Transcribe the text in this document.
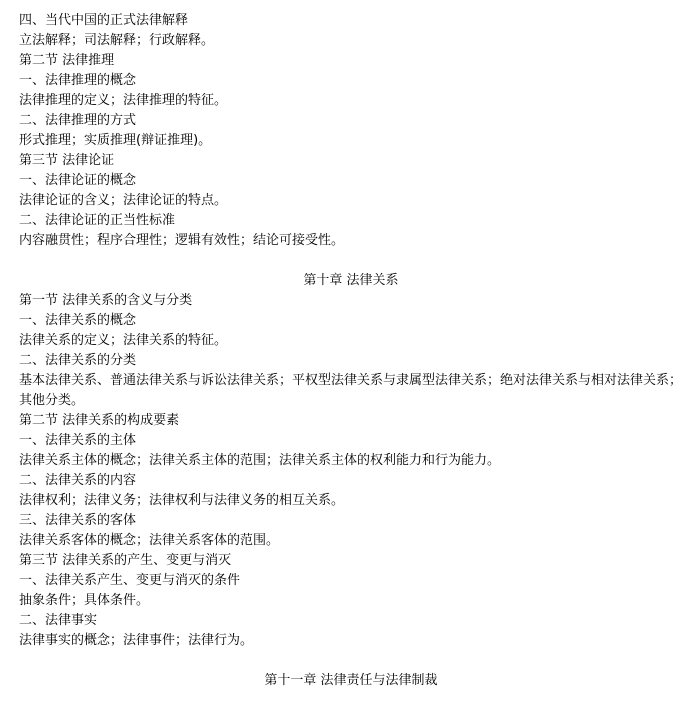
四、当代中国的正式法律解释
立法解释；司法解释；行政解释。
第二节 法律推理
一、法律推理的概念
法律推理的定义；法律推理的特征。
二、法律推理的方式
形式推理；实质推理(辩证推理)。
第三节 法律论证
一、法律论证的概念
法律论证的含义；法律论证的特点。
二、法律论证的正当性标准
内容融贯性；程序合理性；逻辑有效性；结论可接受性。
第十章 法律关系
第一节 法律关系的含义与分类
一、法律关系的概念
法律关系的定义；法律关系的特征。
二、法律关系的分类
基本法律关系、普通法律关系与诉讼法律关系；平权型法律关系与隶属型法律关系；绝对法律关系与相对法律关系；其他分类。
第二节 法律关系的构成要素
一、法律关系的主体
法律关系主体的概念；法律关系主体的范围；法律关系主体的权利能力和行为能力。
二、法律关系的内容
法律权利；法律义务；法律权利与法律义务的相互关系。
三、法律关系的客体
法律关系客体的概念；法律关系客体的范围。
第三节 法律关系的产生、变更与消灭
一、法律关系产生、变更与消灭的条件
抽象条件；具体条件。
二、法律事实
法律事实的概念；法律事件；法律行为。
第十一章 法律责任与法律制裁
